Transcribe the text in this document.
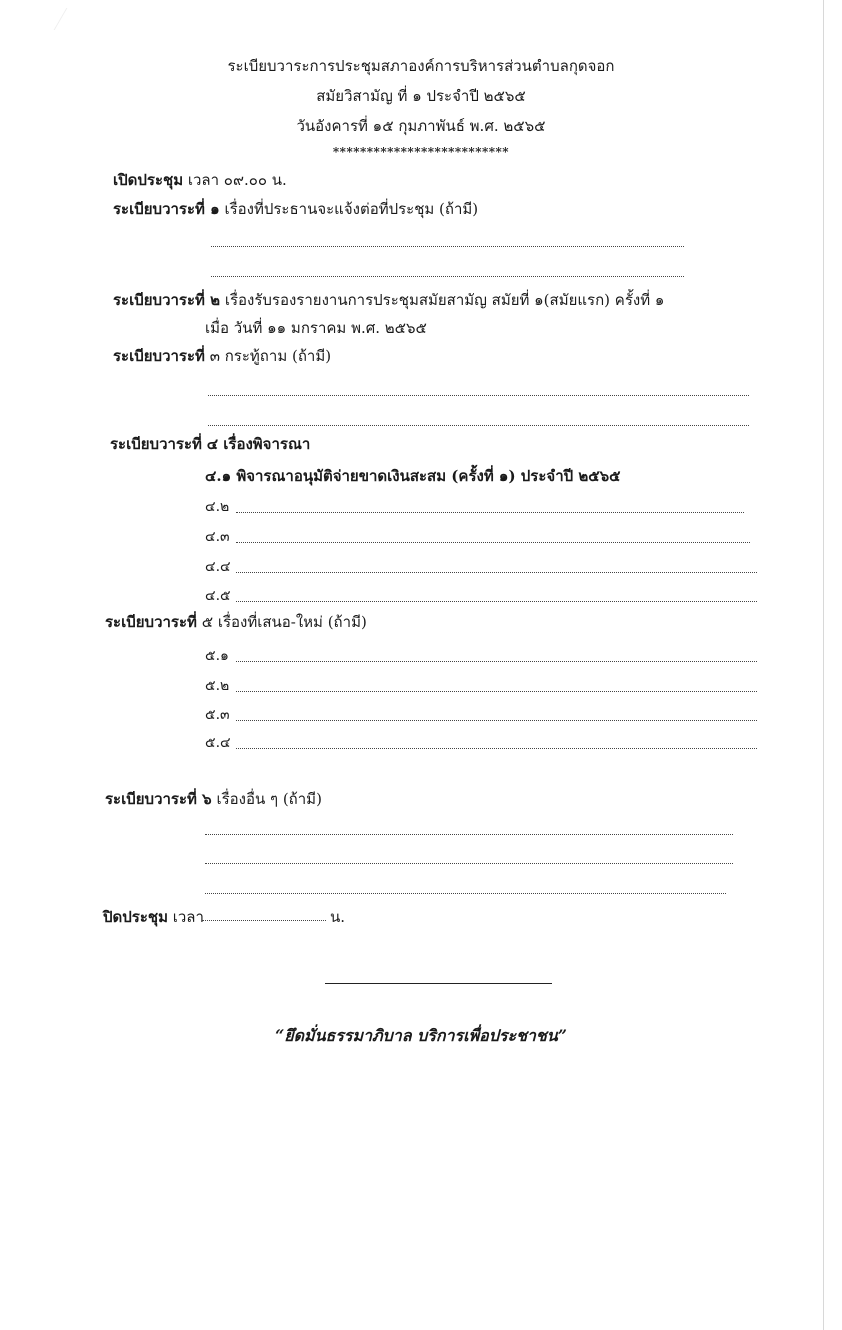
ระเบียบวาระการประชุมสภาองค์การบริหารส่วนตำบลกุดจอก
สมัยวิสามัญ ที่ ๑ ประจำปี ๒๕๖๕
วันอังคารที่ ๑๕ กุมภาพันธ์ พ.ศ. ๒๕๖๕
**************************
เปิดประชุม เวลา ๐๙.๐๐ น.
ระเบียบวาระที่ ๑ เรื่องที่ประธานจะแจ้งต่อที่ประชุม (ถ้ามี)
ระเบียบวาระที่ ๒ เรื่องรับรองรายงานการประชุมสมัยสามัญ สมัยที่ ๑(สมัยแรก) ครั้งที่ ๑
เมื่อ วันที่ ๑๑ มกราคม พ.ศ. ๒๕๖๕
ระเบียบวาระที่ ๓ กระทู้ถาม (ถ้ามี)
ระเบียบวาระที่ ๔ เรื่องพิจารณา
๔.๑ พิจารณาอนุมัติจ่ายขาดเงินสะสม (ครั้งที่ ๑) ประจำปี ๒๕๖๕
๔.๒
๔.๓
๔.๔
๔.๕
ระเบียบวาระที่ ๕ เรื่องที่เสนอ-ใหม่ (ถ้ามี)
๕.๑
๕.๒
๕.๓
๕.๔
ระเบียบวาระที่ ๖ เรื่องอื่น ๆ (ถ้ามี)
ปิดประชุม เวลา	น.
“ยึดมั่นธรรมาภิบาล บริการเพื่อประชาชน”
